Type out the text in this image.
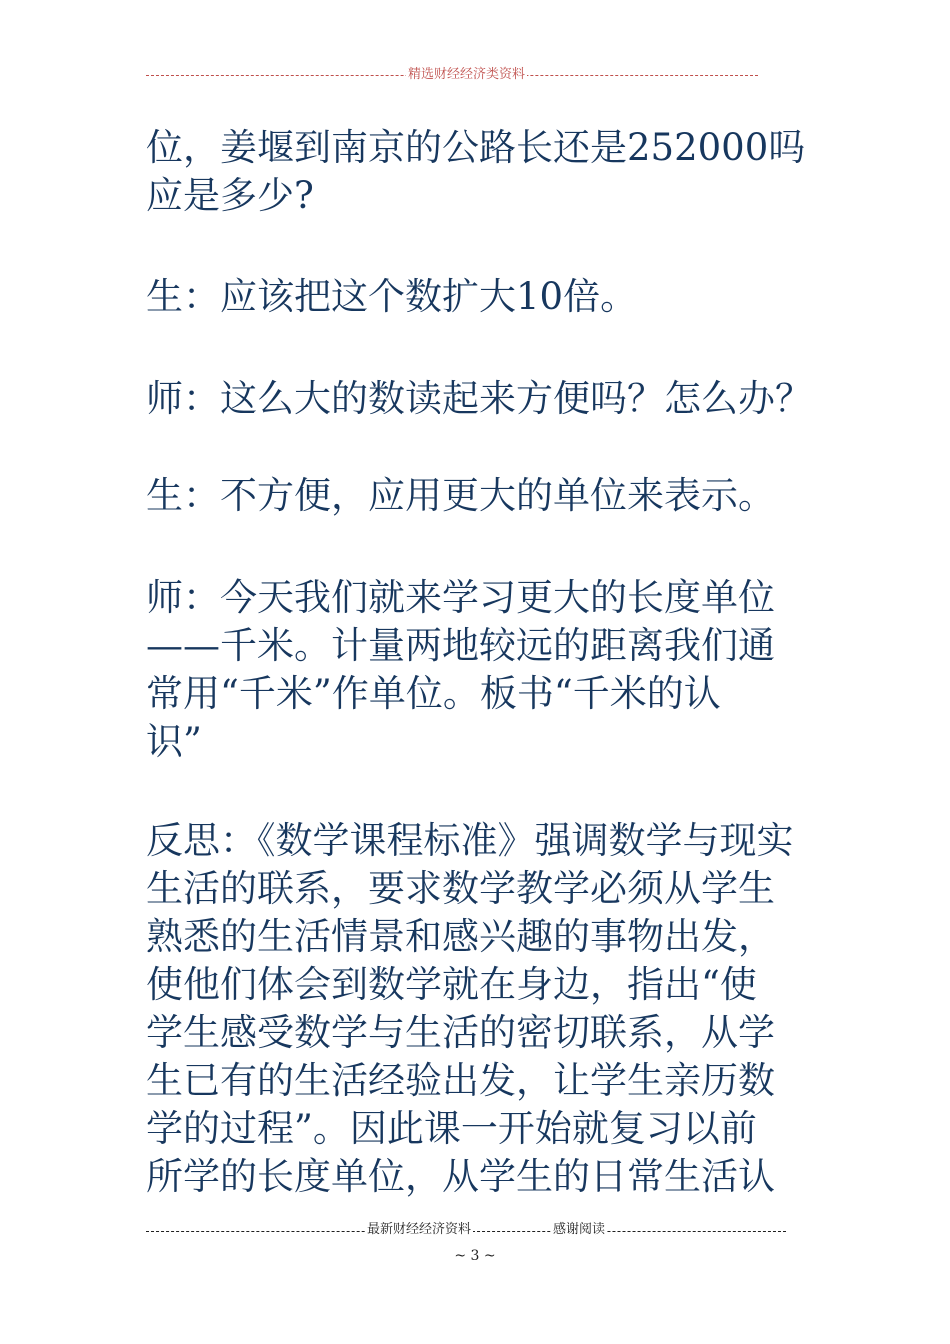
精选财经经济类资料
位，姜堰到南京的公路长还是252000吗
应是多少?
生：应该把这个数扩大10倍。
师：这么大的数读起来方便吗？怎么办？
生：不方便，应用更大的单位来表示。
师：今天我们就来学习更大的长度单位
——千米。计量两地较远的距离我们通
常用“千米”作单位。板书“千米的认
识”
反思：《数学课程标准》强调数学与现实
生活的联系，要求数学教学必须从学生
熟悉的生活情景和感兴趣的事物出发，
使他们体会到数学就在身边，指出“使
学生感受数学与生活的密切联系，从学
生已有的生活经验出发，让学生亲历数
学的过程”。因此课一开始就复习以前
所学的长度单位，从学生的日常生活认
最新财经经济资料	感谢阅读
~ 3 ~
